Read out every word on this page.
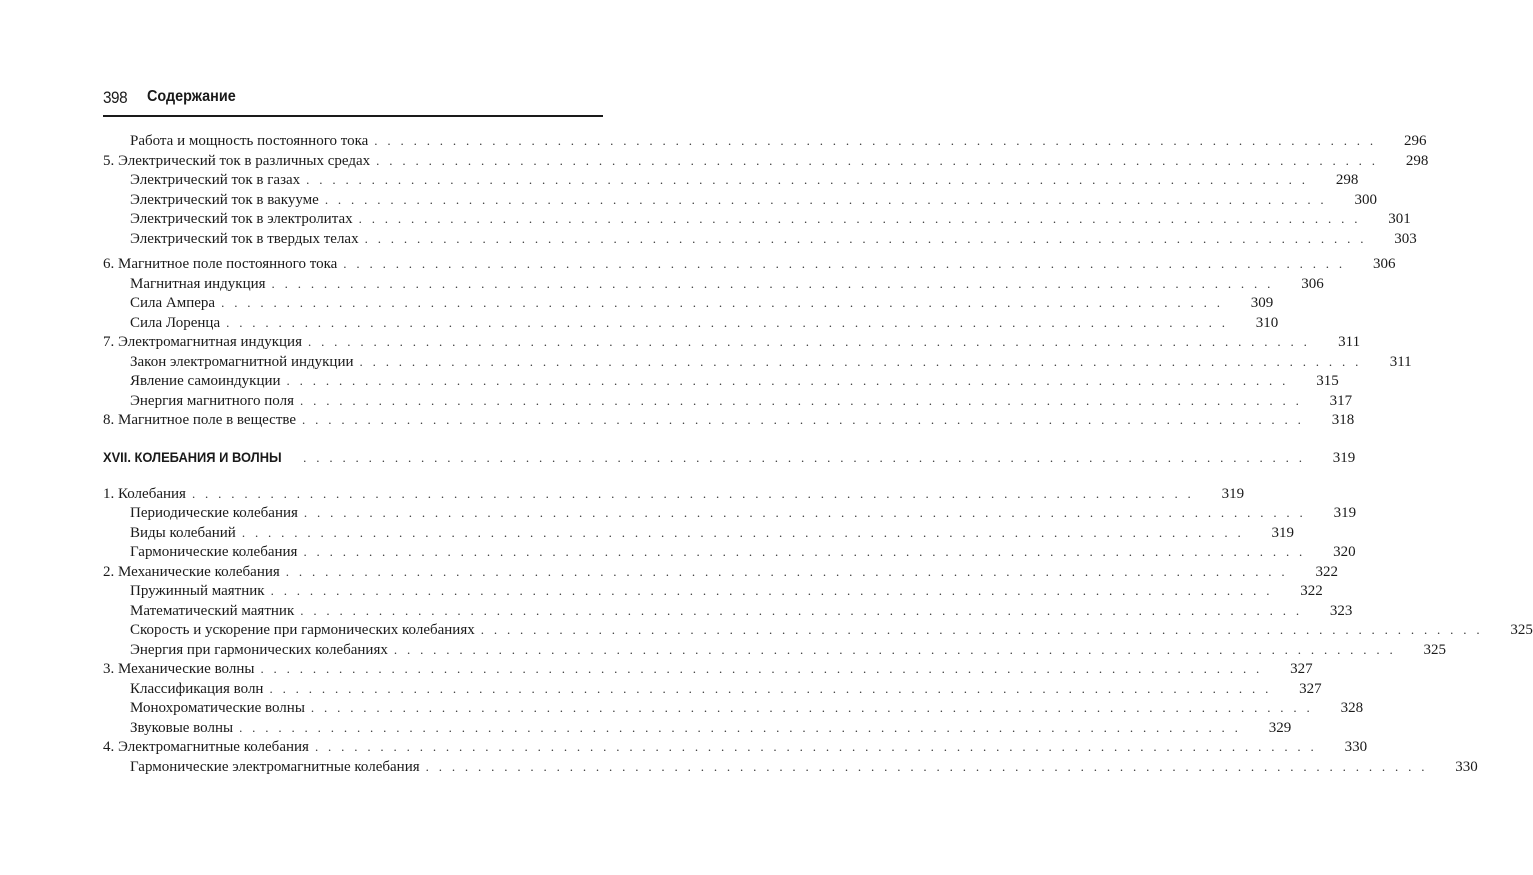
398 Содержание
Работа и мощность постоянного тока . . . . . . . . . . . . . . . . . . . . . . . . . . . . . . . . . . . . . . . . . . . . . . . . . . . . . . . . . . . . . . . . . . . . . . . . . . . . .	296
5. Электрический ток в различных средах . . . . . . . . . . . . . . . . . . . . . . . . . . . . . . . . . . . . . . . . . . . . . . . . . . . . . . . . . . . . . . . . . . . . . . . . . . . . .	298
Электрический ток в газах . . . . . . . . . . . . . . . . . . . . . . . . . . . . . . . . . . . . . . . . . . . . . . . . . . . . . . . . . . . . . . . . . . . . . . . . . . . . .	298
Электрический ток в вакууме . . . . . . . . . . . . . . . . . . . . . . . . . . . . . . . . . . . . . . . . . . . . . . . . . . . . . . . . . . . . . . . . . . . . . . . . . . . . .	300
Электрический ток в электролитах . . . . . . . . . . . . . . . . . . . . . . . . . . . . . . . . . . . . . . . . . . . . . . . . . . . . . . . . . . . . . . . . . . . . . . . . . . . . .	301
Электрический ток в твердых телах . . . . . . . . . . . . . . . . . . . . . . . . . . . . . . . . . . . . . . . . . . . . . . . . . . . . . . . . . . . . . . . . . . . . . . . . . . . . .	303
6. Магнитное поле постоянного тока . . . . . . . . . . . . . . . . . . . . . . . . . . . . . . . . . . . . . . . . . . . . . . . . . . . . . . . . . . . . . . . . . . . . . . . . . . . . .	306
Магнитная индукция . . . . . . . . . . . . . . . . . . . . . . . . . . . . . . . . . . . . . . . . . . . . . . . . . . . . . . . . . . . . . . . . . . . . . . . . . . . . .	306
Сила Ампера . . . . . . . . . . . . . . . . . . . . . . . . . . . . . . . . . . . . . . . . . . . . . . . . . . . . . . . . . . . . . . . . . . . . . . . . . . . . .	309
Сила Лоренца . . . . . . . . . . . . . . . . . . . . . . . . . . . . . . . . . . . . . . . . . . . . . . . . . . . . . . . . . . . . . . . . . . . . . . . . . . . . .	310
7. Электромагнитная индукция . . . . . . . . . . . . . . . . . . . . . . . . . . . . . . . . . . . . . . . . . . . . . . . . . . . . . . . . . . . . . . . . . . . . . . . . . . . . .	311
Закон электромагнитной индукции . . . . . . . . . . . . . . . . . . . . . . . . . . . . . . . . . . . . . . . . . . . . . . . . . . . . . . . . . . . . . . . . . . . . . . . . . . . . .	311
Явление самоиндукции . . . . . . . . . . . . . . . . . . . . . . . . . . . . . . . . . . . . . . . . . . . . . . . . . . . . . . . . . . . . . . . . . . . . . . . . . . . . .	315
Энергия магнитного поля . . . . . . . . . . . . . . . . . . . . . . . . . . . . . . . . . . . . . . . . . . . . . . . . . . . . . . . . . . . . . . . . . . . . . . . . . . . . .	317
8. Магнитное поле в веществе . . . . . . . . . . . . . . . . . . . . . . . . . . . . . . . . . . . . . . . . . . . . . . . . . . . . . . . . . . . . . . . . . . . . . . . . . . . . .	318
XVII. КОЛЕБАНИЯ И ВОЛНЫ	. . . . . . . . . . . . . . . . . . . . . . . . . . . . . . . . . . . . . . . . . . . . . . . . . . . . . . . . . . . . . . . . . . . . . . . . . . . . .	319
1. Колебания . . . . . . . . . . . . . . . . . . . . . . . . . . . . . . . . . . . . . . . . . . . . . . . . . . . . . . . . . . . . . . . . . . . . . . . . . . . . .	319
Периодические колебания . . . . . . . . . . . . . . . . . . . . . . . . . . . . . . . . . . . . . . . . . . . . . . . . . . . . . . . . . . . . . . . . . . . . . . . . . . . . .	319
Виды колебаний . . . . . . . . . . . . . . . . . . . . . . . . . . . . . . . . . . . . . . . . . . . . . . . . . . . . . . . . . . . . . . . . . . . . . . . . . . . . .	319
Гармонические колебания . . . . . . . . . . . . . . . . . . . . . . . . . . . . . . . . . . . . . . . . . . . . . . . . . . . . . . . . . . . . . . . . . . . . . . . . . . . . .	320
2. Механические колебания . . . . . . . . . . . . . . . . . . . . . . . . . . . . . . . . . . . . . . . . . . . . . . . . . . . . . . . . . . . . . . . . . . . . . . . . . . . . .	322
Пружинный маятник . . . . . . . . . . . . . . . . . . . . . . . . . . . . . . . . . . . . . . . . . . . . . . . . . . . . . . . . . . . . . . . . . . . . . . . . . . . . .	322
Математический маятник . . . . . . . . . . . . . . . . . . . . . . . . . . . . . . . . . . . . . . . . . . . . . . . . . . . . . . . . . . . . . . . . . . . . . . . . . . . . .	323
Скорость и ускорение при гармонических колебаниях . . . . . . . . . . . . . . . . . . . . . . . . . . . . . . . . . . . . . . . . . . . . . . . . . . . . . . . . . . . . . . . . . . . . . . . . . . . . .	325
Энергия при гармонических колебаниях . . . . . . . . . . . . . . . . . . . . . . . . . . . . . . . . . . . . . . . . . . . . . . . . . . . . . . . . . . . . . . . . . . . . . . . . . . . . .	325
3. Механические волны . . . . . . . . . . . . . . . . . . . . . . . . . . . . . . . . . . . . . . . . . . . . . . . . . . . . . . . . . . . . . . . . . . . . . . . . . . . . .	327
Классификация волн . . . . . . . . . . . . . . . . . . . . . . . . . . . . . . . . . . . . . . . . . . . . . . . . . . . . . . . . . . . . . . . . . . . . . . . . . . . . .	327
Монохроматические волны . . . . . . . . . . . . . . . . . . . . . . . . . . . . . . . . . . . . . . . . . . . . . . . . . . . . . . . . . . . . . . . . . . . . . . . . . . . . .	328
Звуковые волны . . . . . . . . . . . . . . . . . . . . . . . . . . . . . . . . . . . . . . . . . . . . . . . . . . . . . . . . . . . . . . . . . . . . . . . . . . . . .	329
4. Электромагнитные колебания . . . . . . . . . . . . . . . . . . . . . . . . . . . . . . . . . . . . . . . . . . . . . . . . . . . . . . . . . . . . . . . . . . . . . . . . . . . . .	330
Гармонические электромагнитные колебания . . . . . . . . . . . . . . . . . . . . . . . . . . . . . . . . . . . . . . . . . . . . . . . . . . . . . . . . . . . . . . . . . . . . . . . . . . . . .	330
